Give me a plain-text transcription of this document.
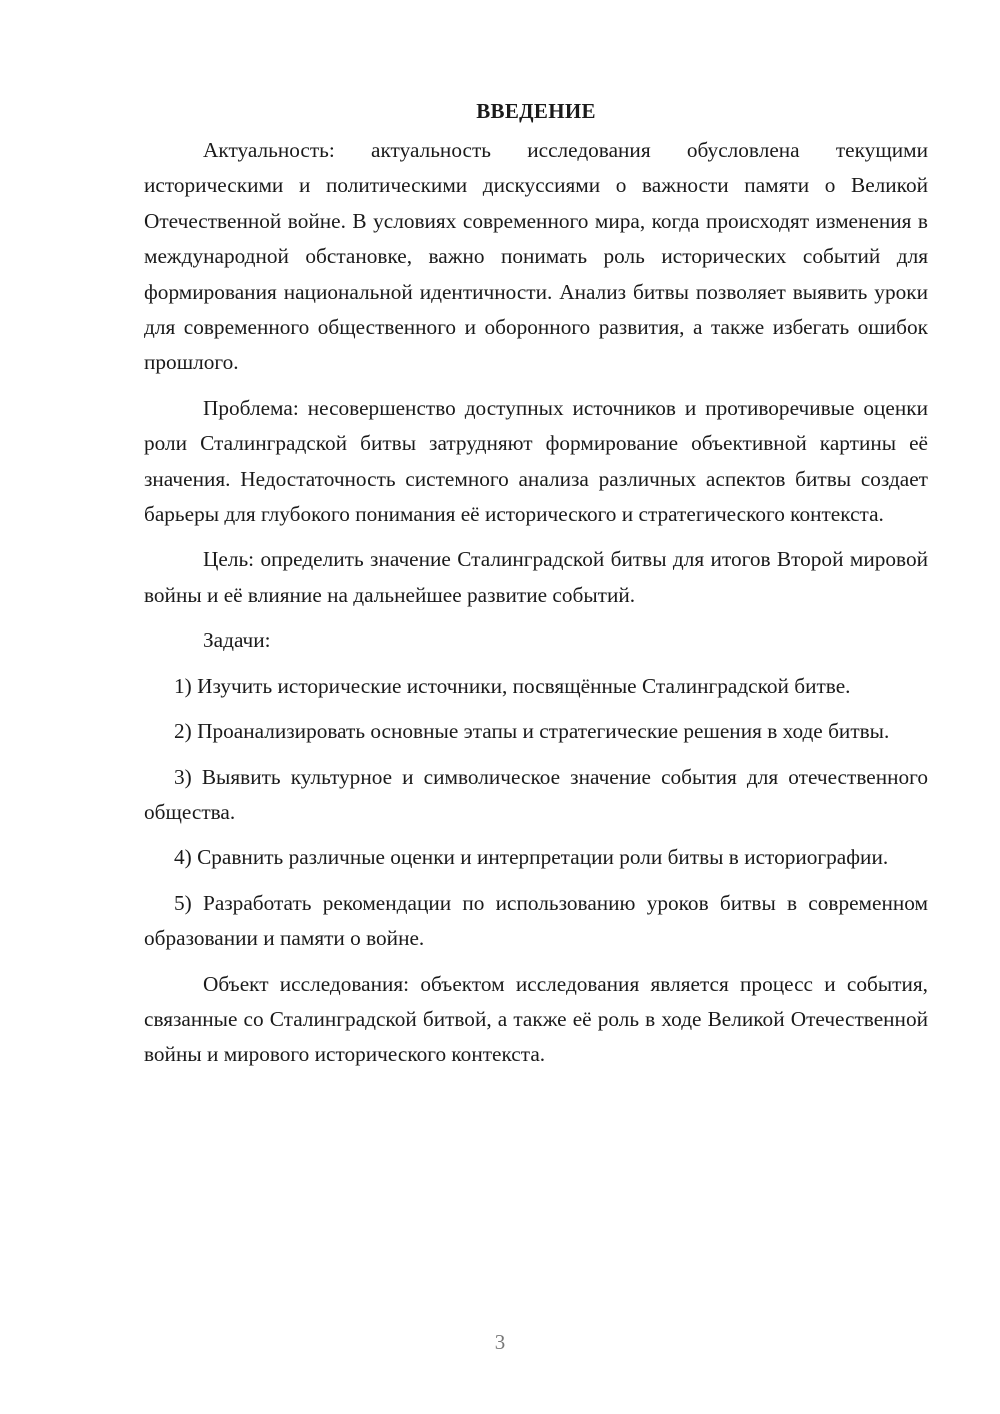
ВВЕДЕНИЕ

Актуальность: актуальность исследования обусловлена текущими историческими и политическими дискуссиями о важности памяти о Великой Отечественной войне. В условиях современного мира, когда происходят изменения в международной обстановке, важно понимать роль исторических событий для формирования национальной идентичности. Анализ битвы позволяет выявить уроки для современного общественного и оборонного развития, а также избегать ошибок прошлого.

Проблема: несовершенство доступных источников и противоречивые оценки роли Сталинградской битвы затрудняют формирование объективной картины её значения. Недостаточность системного анализа различных аспектов битвы создает барьеры для глубокого понимания её исторического и стратегического контекста.

Цель: определить значение Сталинградской битвы для итогов Второй мировой войны и её влияние на дальнейшее развитие событий.

Задачи:

1) Изучить исторические источники, посвящённые Сталинградской битве.

2) Проанализировать основные этапы и стратегические решения в ходе битвы.

3) Выявить культурное и символическое значение события для отечественного общества.

4) Сравнить различные оценки и интерпретации роли битвы в историографии.

5) Разработать рекомендации по использованию уроков битвы в современном образовании и памяти о войне.

Объект исследования: объектом исследования является процесс и события, связанные со Сталинградской битвой, а также её роль в ходе Великой Отечественной войны и мирового исторического контекста.

3
